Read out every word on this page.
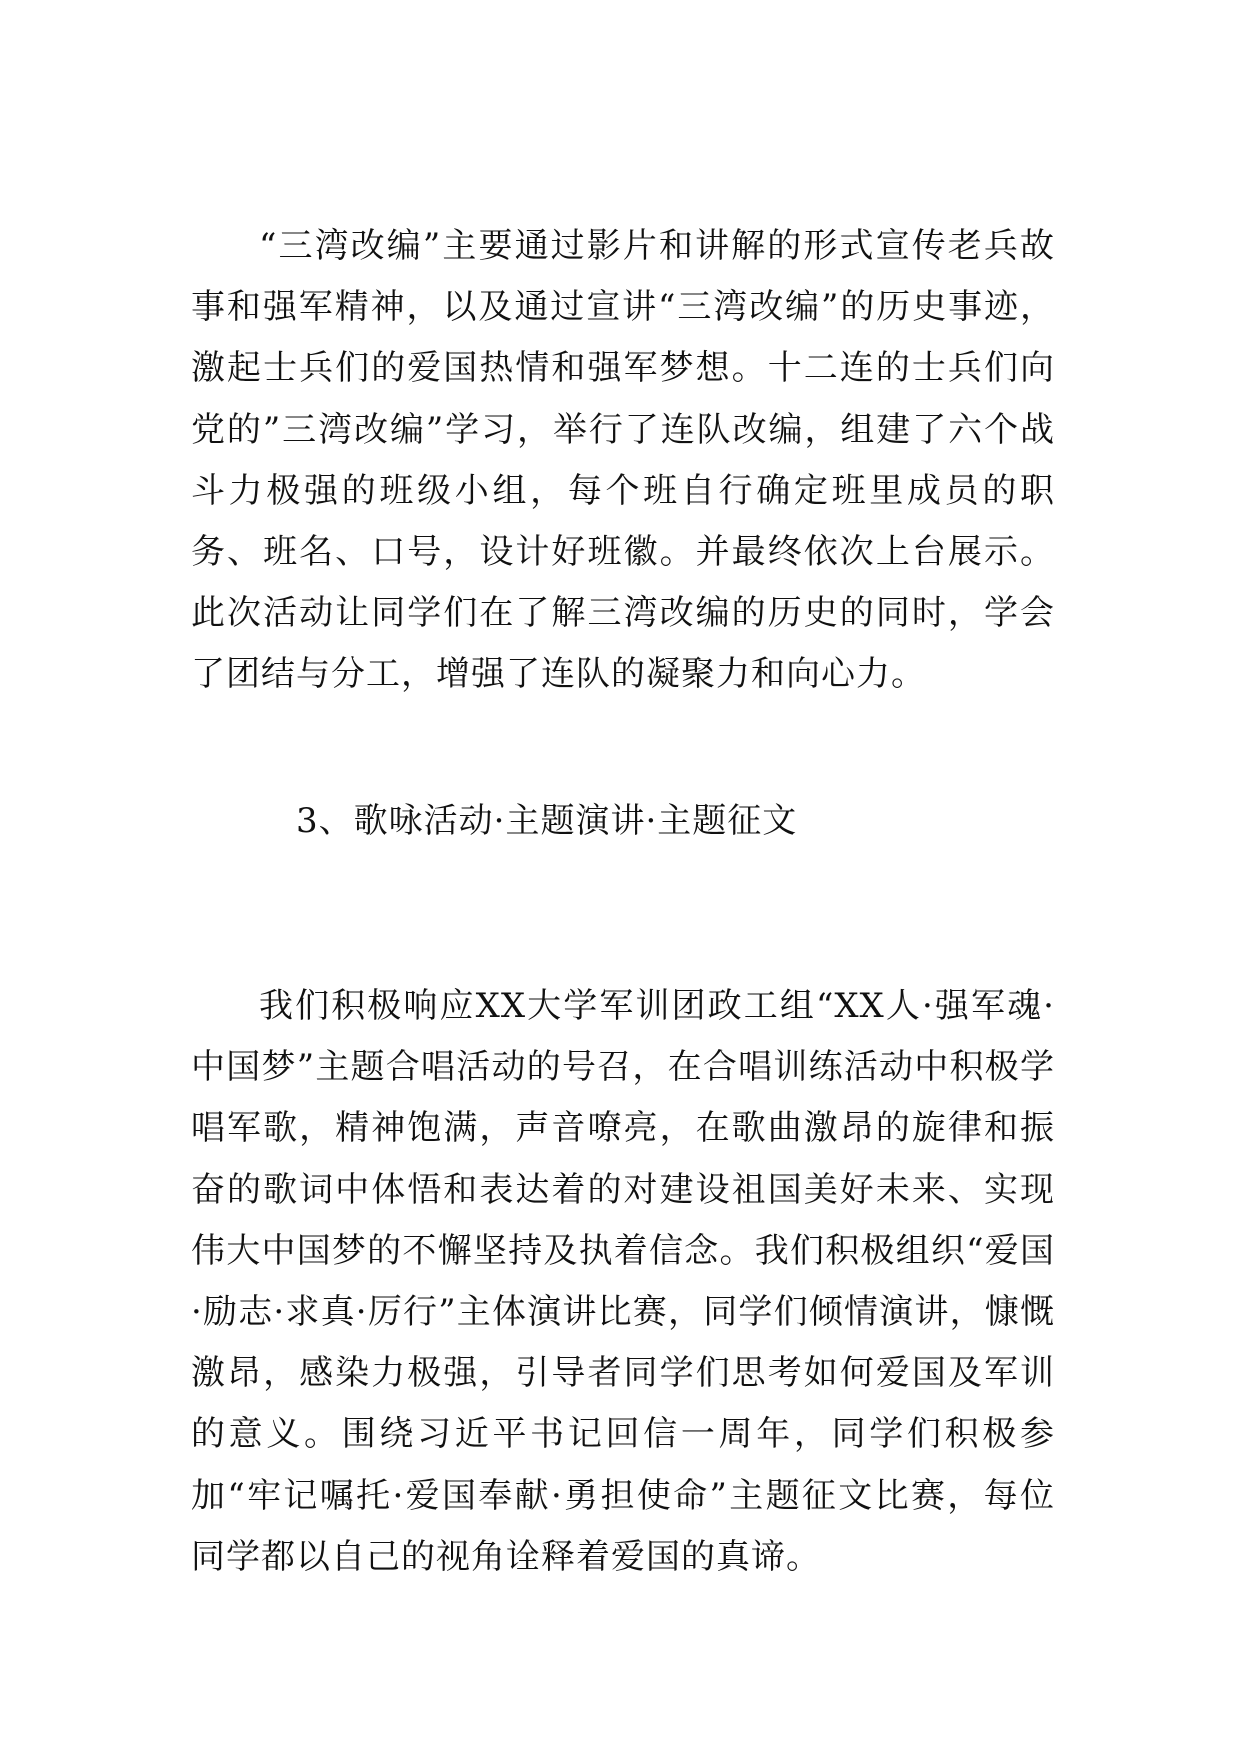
“三湾改编”主要通过影片和讲解的形式宣传老兵故事和强军精神，以及通过宣讲“三湾改编”的历史事迹，激起士兵们的爱国热情和强军梦想。十二连的士兵们向党的”三湾改编”学习，举行了连队改编，组建了六个战斗力极强的班级小组，每个班自行确定班里成员的职务、班名、口号，设计好班徽。并最终依次上台展示。此次活动让同学们在了解三湾改编的历史的同时，学会了团结与分工，增强了连队的凝聚力和向心力。

3、歌咏活动·主题演讲·主题征文

我们积极响应XX大学军训团政工组“XX人·强军魂·中国梦”主题合唱活动的号召，在合唱训练活动中积极学唱军歌，精神饱满，声音嘹亮，在歌曲激昂的旋律和振奋的歌词中体悟和表达着的对建设祖国美好未来、实现伟大中国梦的不懈坚持及执着信念。我们积极组织“爱国·励志·求真·厉行”主体演讲比赛，同学们倾情演讲，慷慨激昂，感染力极强，引导者同学们思考如何爱国及军训的意义。围绕习近平书记回信一周年，同学们积极参加“牢记嘱托·爱国奉献·勇担使命”主题征文比赛，每位同学都以自己的视角诠释着爱国的真谛。
